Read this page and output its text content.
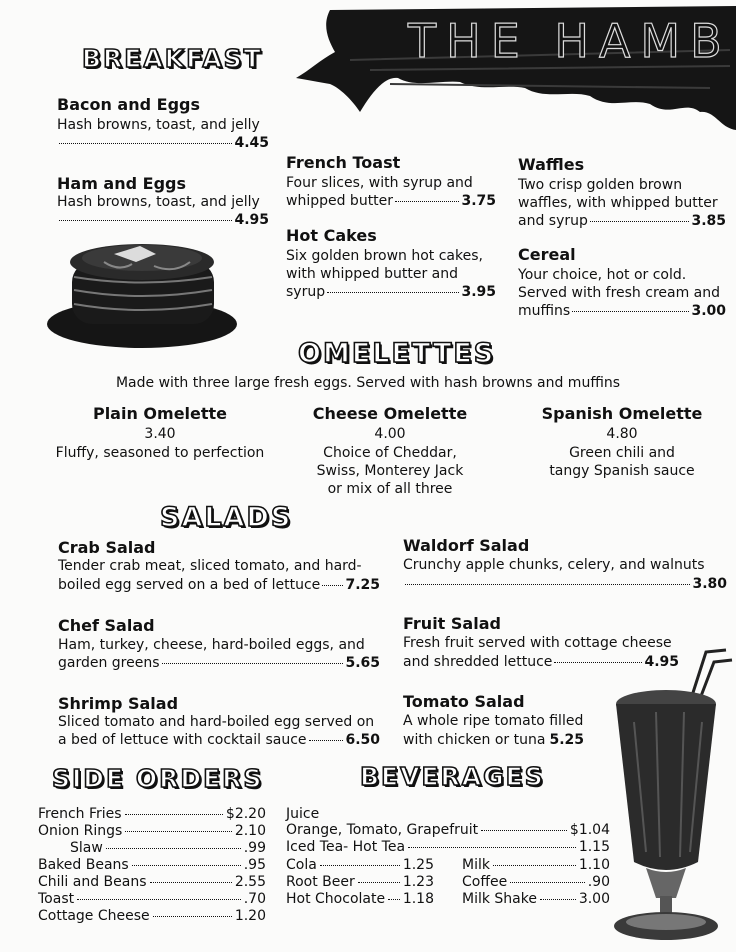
THE HAMB
BREAKFAST
Bacon and Eggs
Hash browns, toast, and jelly
4.45
Ham and Eggs
Hash browns, toast, and jelly
4.95
French Toast
Four slices, with syrup and
whipped butter	3.75
Hot Cakes
Six golden brown hot cakes,
with whipped butter and
syrup	3.95
Waffles
Two crisp golden brown
waffles, with whipped butter
and syrup	3.85
Cereal
Your choice, hot or cold.
Served with fresh cream and
muffins	3.00
OMELETTES
Made with three large fresh eggs. Served with hash browns and muffins
Plain Omelette
3.40
Fluffy, seasoned to perfection
Cheese Omelette
4.00
Choice of Cheddar,
Swiss, Monterey Jack
or mix of all three
Spanish Omelette
4.80
Green chili and
tangy Spanish sauce
SALADS
Crab Salad
Tender crab meat, sliced tomato, and hard-
boiled egg served on a bed of lettuce 7.25
Chef Salad
Ham, turkey, cheese, hard-boiled eggs, and
garden greens	5.65
Shrimp Salad
Sliced tomato and hard-boiled egg served on
a bed of lettuce with cocktail sauce	6.50
Waldorf Salad
Crunchy apple chunks, celery, and walnuts
3.80
Fruit Salad
Fresh fruit served with cottage cheese
and shredded lettuce	4.95
Tomato Salad
A whole ripe tomato filled
with chicken or tuna 5.25
SIDE ORDERS
French Fries	$2.20
Onion Rings	2.10
Slaw	.99
Baked Beans	.95
Chili and Beans	2.55
Toast	.70
Cottage Cheese	1.20
BEVERAGES
Juice
Orange, Tomato, Grapefruit	$1.04
Iced Tea- Hot Tea	1.15
Cola	1.25
Root Beer	1.23
Hot Chocolate 1.18
Milk	1.10
Coffee	.90
Milk Shake	3.00
